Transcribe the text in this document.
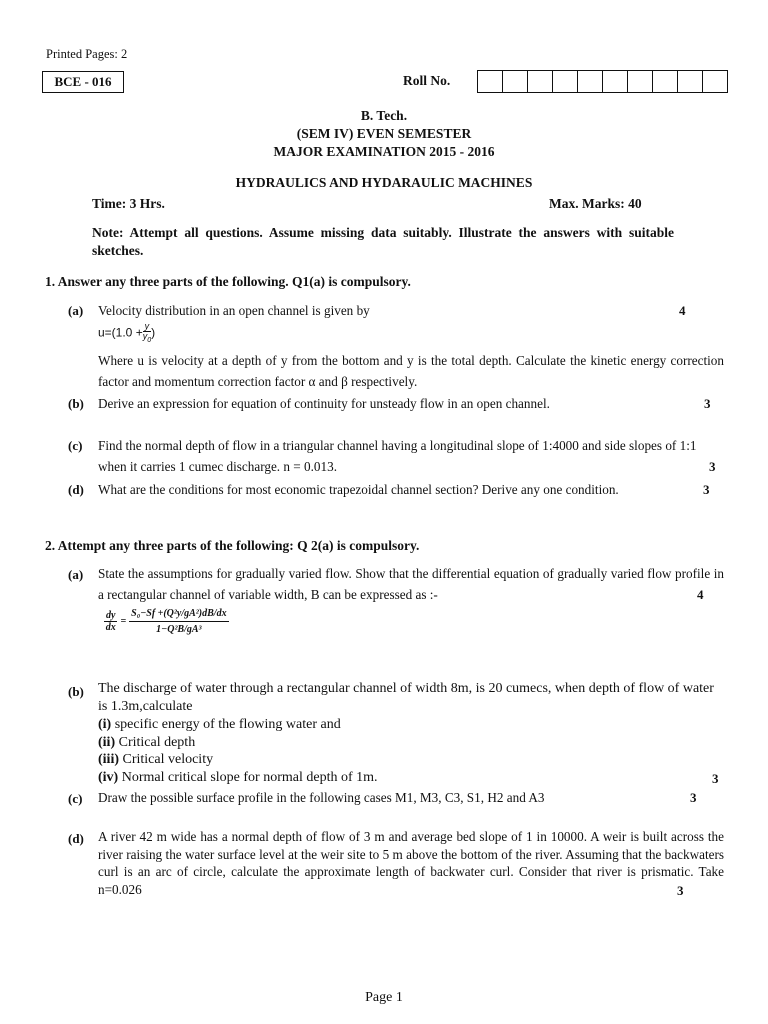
Printed Pages: 2
BCE - 016	Roll No.
B. Tech.
(SEM IV) EVEN SEMESTER
MAJOR EXAMINATION 2015 - 2016
HYDRAULICS AND HYDARAULIC MACHINES
Time: 3 Hrs.	Max. Marks: 40
Note: Attempt all questions. Assume missing data suitably. Illustrate the answers with suitable sketches.
1. Answer any three parts of the following. Q1(a) is compulsory.
(a) Velocity distribution in an open channel is given by	4
$u=(1.0 + \frac{y}{y_0}$ )
Where u is velocity at a depth of y from the bottom and y is the total depth. Calculate the kinetic energy correction factor and momentum correction factor α and β respectively.
(b) Derive an expression for equation of continuity for unsteady flow in an open channel.	3
(c) Find the normal depth of flow in a triangular channel having a longitudinal slope of 1:4000 and side slopes of 1:1 when it carries 1 cumec discharge. n = 0.013.	3
(d) What are the conditions for most economic trapezoidal channel section? Derive any one condition.	3
2. Attempt any three parts of the following: Q 2(a) is compulsory.
(a) State the assumptions for gradually varied flow. Show that the differential equation of gradually varied flow profile in a rectangular channel of variable width, B can be expressed as :-	4
$\frac{dy}{dx} = \frac{\text{S₀−Sf +(Q²y/gA²)dB/dx}}{\text{1−Q²B/gA³}}$
(b) The discharge of water through a rectangular channel of width 8m, is 20 cumecs, when depth of flow of water is 1.3m,calculate
(i) specific energy of the flowing water and
(ii) Critical depth
(iii) Critical velocity
(iv) Normal critical slope for normal depth of 1m.	3
(c) Draw the possible surface profile in the following cases M1, M3, C3, S1, H2 and A3	3
(d) A river 42 m wide has a normal depth of flow of 3 m and average bed slope of 1 in 10000. A weir is built across the river raising the water surface level at the weir site to 5 m above the bottom of the river. Assuming that the backwaters curl is an arc of circle, calculate the approximate length of backwater curl. Consider that river is prismatic. Take n=0.026	3
Page 1
